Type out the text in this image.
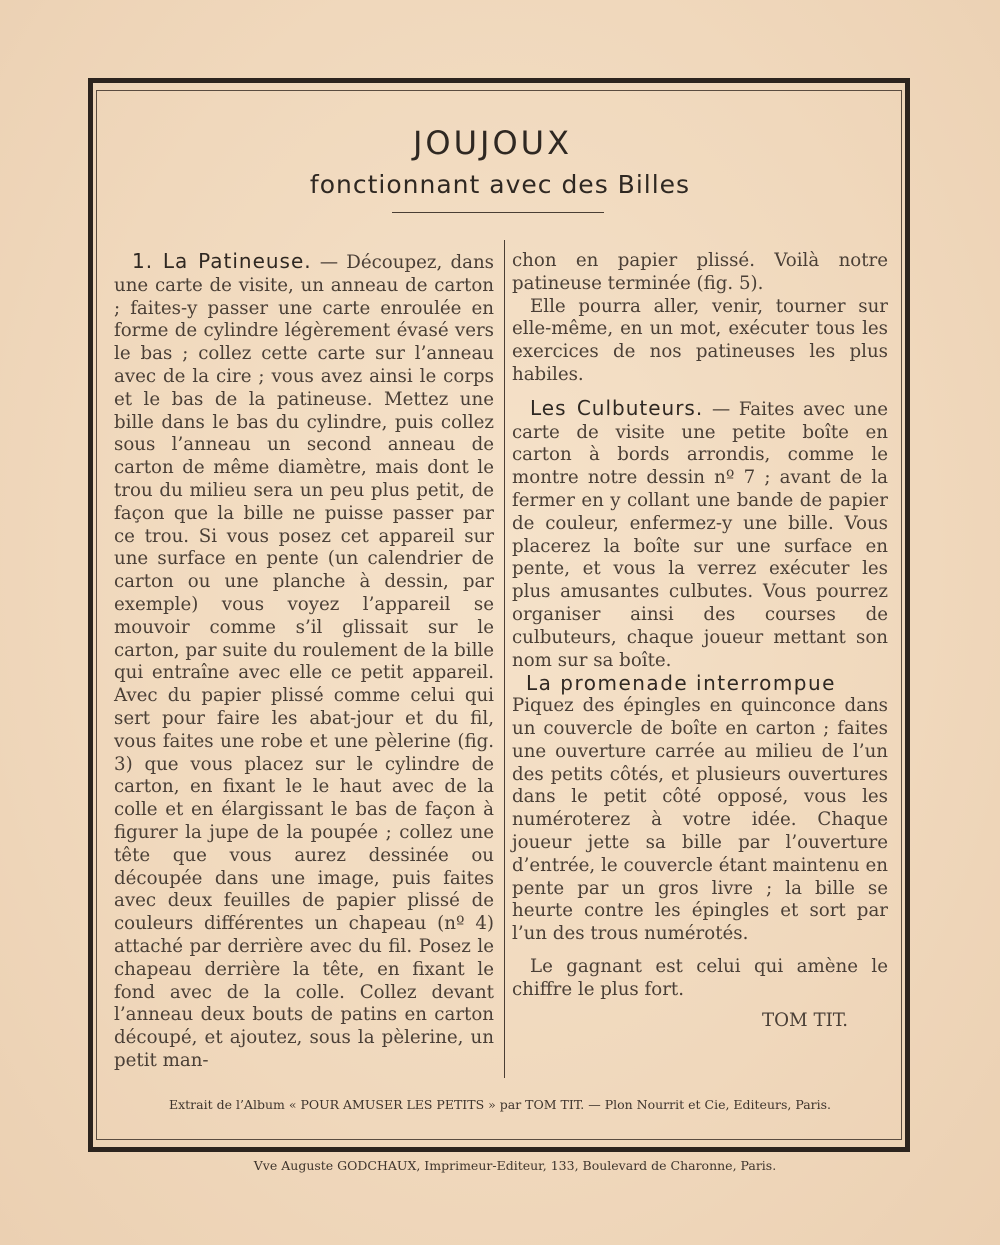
JOUJOUX
fonctionnant avec des Billes

1. La Patineuse. — Découpez, dans une carte de visite, un anneau de carton ; faites-y passer une carte enroulée en forme de cylindre légèrement évasé vers le bas ; collez cette carte sur l’anneau avec de la cire ; vous avez ainsi le corps et le bas de la patineuse. Mettez une bille dans le bas du cylindre, puis collez sous l’anneau un second anneau de carton de même diamètre, mais dont le trou du milieu sera un peu plus petit, de façon que la bille ne puisse passer par ce trou. Si vous posez cet appareil sur une surface en pente (un calendrier de carton ou une planche à dessin, par exemple) vous voyez l’appareil se mouvoir comme s’il glissait sur le carton, par suite du roulement de la bille qui entraîne avec elle ce petit appareil. Avec du papier plissé comme celui qui sert pour faire les abat-jour et du fil, vous faites une robe et une pèlerine (fig. 3) que vous placez sur le cylindre de carton, en fixant le le haut avec de la colle et en élargissant le bas de façon à figurer la jupe de la poupée ; collez une tête que vous aurez dessinée ou découpée dans une image, puis faites avec deux feuilles de papier plissé de couleurs différentes un chapeau (nº 4) attaché par derrière avec du fil. Posez le chapeau derrière la tête, en fixant le fond avec de la colle. Collez devant l’anneau deux bouts de patins en carton découpé, et ajoutez, sous la pèlerine, un petit man-

chon en papier plissé. Voilà notre patineuse terminée (fig. 5).

Elle pourra aller, venir, tourner sur elle-même, en un mot, exécuter tous les exercices de nos patineuses les plus habiles.

Les Culbuteurs. — Faites avec une carte de visite une petite boîte en carton à bords arrondis, comme le montre notre dessin nº 7 ; avant de la fermer en y collant une bande de papier de couleur, enfermez-y une bille. Vous placerez la boîte sur une surface en pente, et vous la verrez exécuter les plus amusantes culbutes. Vous pourrez organiser ainsi des courses de culbuteurs, chaque joueur mettant son nom sur sa boîte.

La promenade interrompue

Piquez des épingles en quinconce dans un couvercle de boîte en carton ; faites une ouverture carrée au milieu de l’un des petits côtés, et plusieurs ouvertures dans le petit côté opposé, vous les numéroterez à votre idée. Chaque joueur jette sa bille par l’ouverture d’entrée, le couvercle étant maintenu en pente par un gros livre ; la bille se heurte contre les épingles et sort par l’un des trous numérotés.

Le gagnant est celui qui amène le chiffre le plus fort.

TOM TIT.

Extrait de l’Album « POUR AMUSER LES PETITS » par TOM TIT. — Plon Nourrit et Cie, Editeurs, Paris.
Vve Auguste GODCHAUX, Imprimeur-Editeur, 133, Boulevard de Charonne, Paris.
